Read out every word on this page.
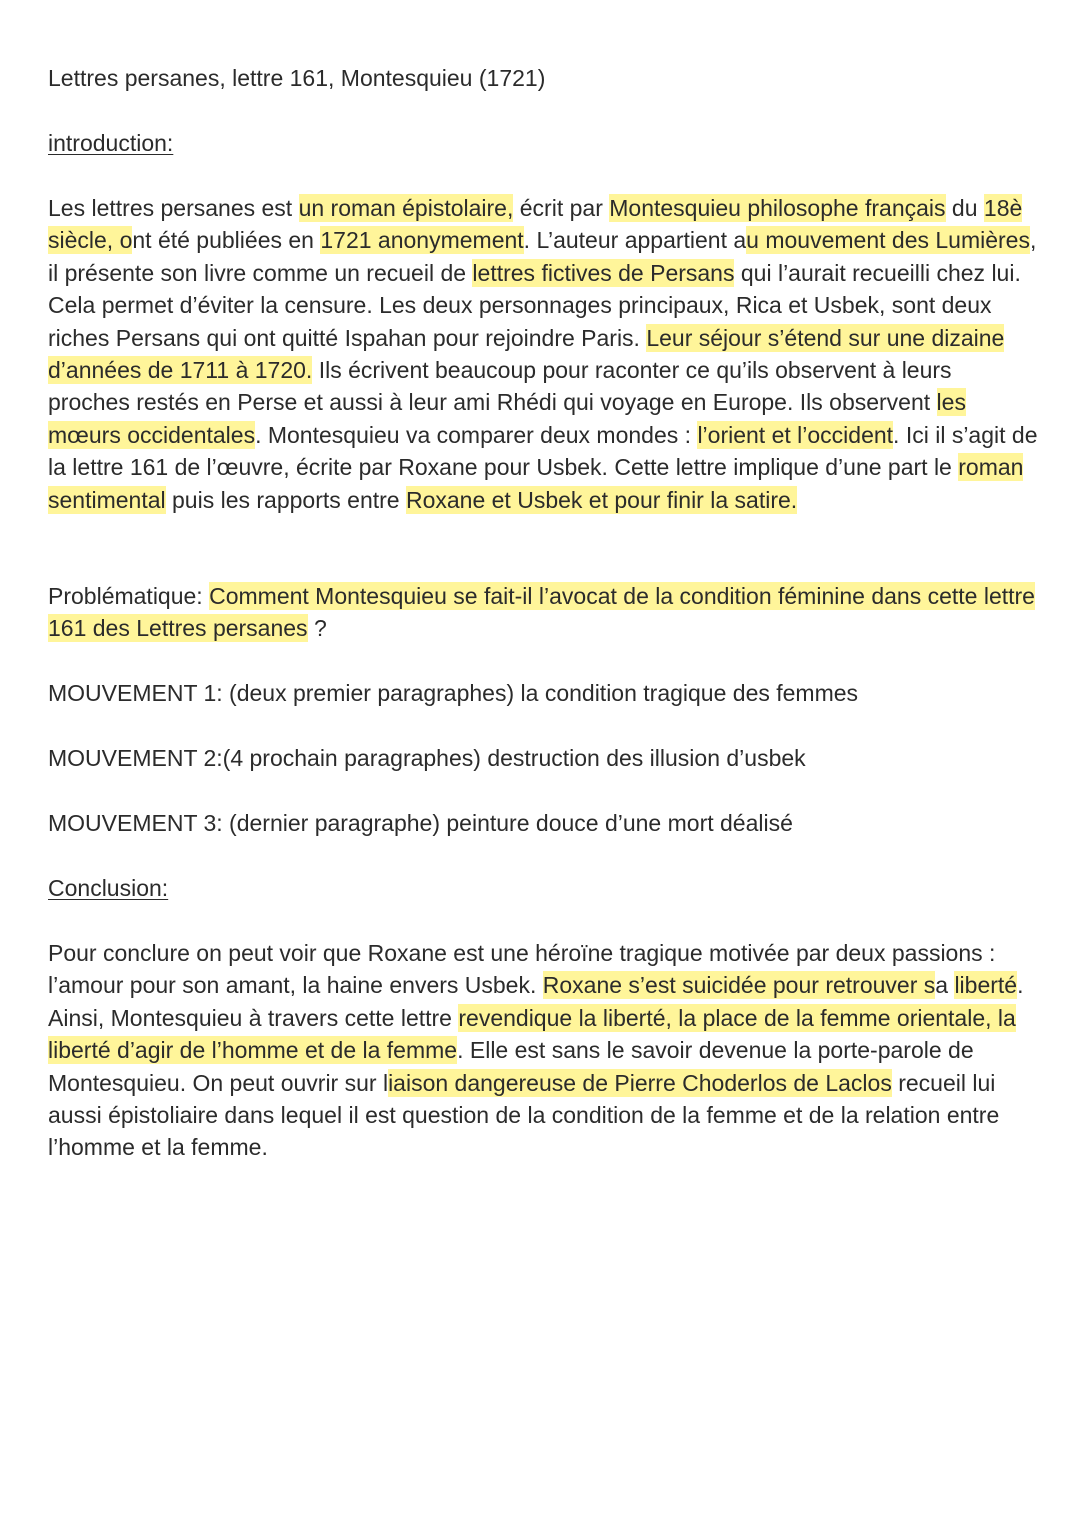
Lettres persanes, lettre 161, Montesquieu (1721)

introduction:

Les lettres persanes est un roman épistolaire, écrit par Montesquieu philosophe français du 18è siècle, ont été publiées en 1721 anonymement. L’auteur appartient au mouvement des Lumières, il présente son livre comme un recueil de lettres fictives de Persans qui l’aurait recueilli chez lui. Cela permet d’éviter la censure. Les deux personnages principaux, Rica et Usbek, sont deux riches Persans qui ont quitté Ispahan pour rejoindre Paris. Leur séjour s’étend sur une dizaine d’années de 1711 à 1720. Ils écrivent beaucoup pour raconter ce qu’ils observent à leurs proches restés en Perse et aussi à leur ami Rhédi qui voyage en Europe. Ils observent les mœurs occidentales. Montesquieu va comparer deux mondes : l’orient et l’occident. Ici il s’agit de la lettre 161 de l’œuvre, écrite par Roxane pour Usbek. Cette lettre implique d’une part le roman sentimental puis les rapports entre Roxane et Usbek et pour finir la satire.

Problématique: Comment Montesquieu se fait-il l’avocat de la condition féminine dans cette lettre 161 des Lettres persanes ?

MOUVEMENT 1: (deux premier paragraphes) la condition tragique des femmes

MOUVEMENT 2:(4 prochain paragraphes) destruction des illusion d’usbek

MOUVEMENT 3: (dernier paragraphe) peinture douce d’une mort déalisé

Conclusion:

Pour conclure on peut voir que Roxane est une héroïne tragique motivée par deux passions : l’amour pour son amant, la haine envers Usbek. Roxane s’est suicidée pour retrouver sa liberté. Ainsi, Montesquieu à travers cette lettre revendique la liberté, la place de la femme orientale, la liberté d’agir de l’homme et de la femme. Elle est sans le savoir devenue la porte-parole de Montesquieu. On peut ouvrir sur liaison dangereuse de Pierre Choderlos de Laclos recueil lui aussi épistoliaire dans lequel il est question de la condition de la femme et de la relation entre l’homme et la femme.
